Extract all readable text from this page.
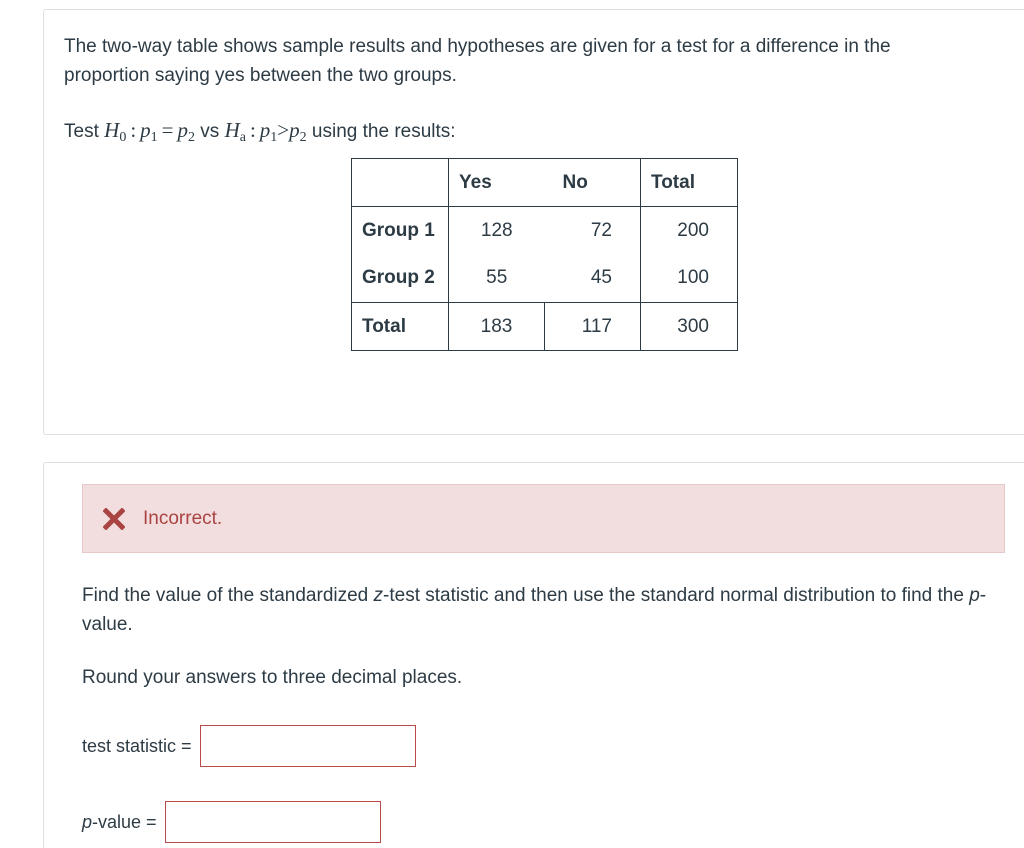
The two-way table shows sample results and hypotheses are given for a test for a difference in the proportion saying yes between the two groups.

Test $H_0$ : $p_1 = p_2$ vs $H_a$ : $p_1>p_2$ using the results:

	Yes	No	Total
Group 1	128	72	200
Group 2	55	45	100
Total	183	117	300
Incorrect.

Find the value of the standardized z-test statistic and then use the standard normal distribution to find the p-value.

Round your answers to three decimal places.

test statistic =
p-value =
